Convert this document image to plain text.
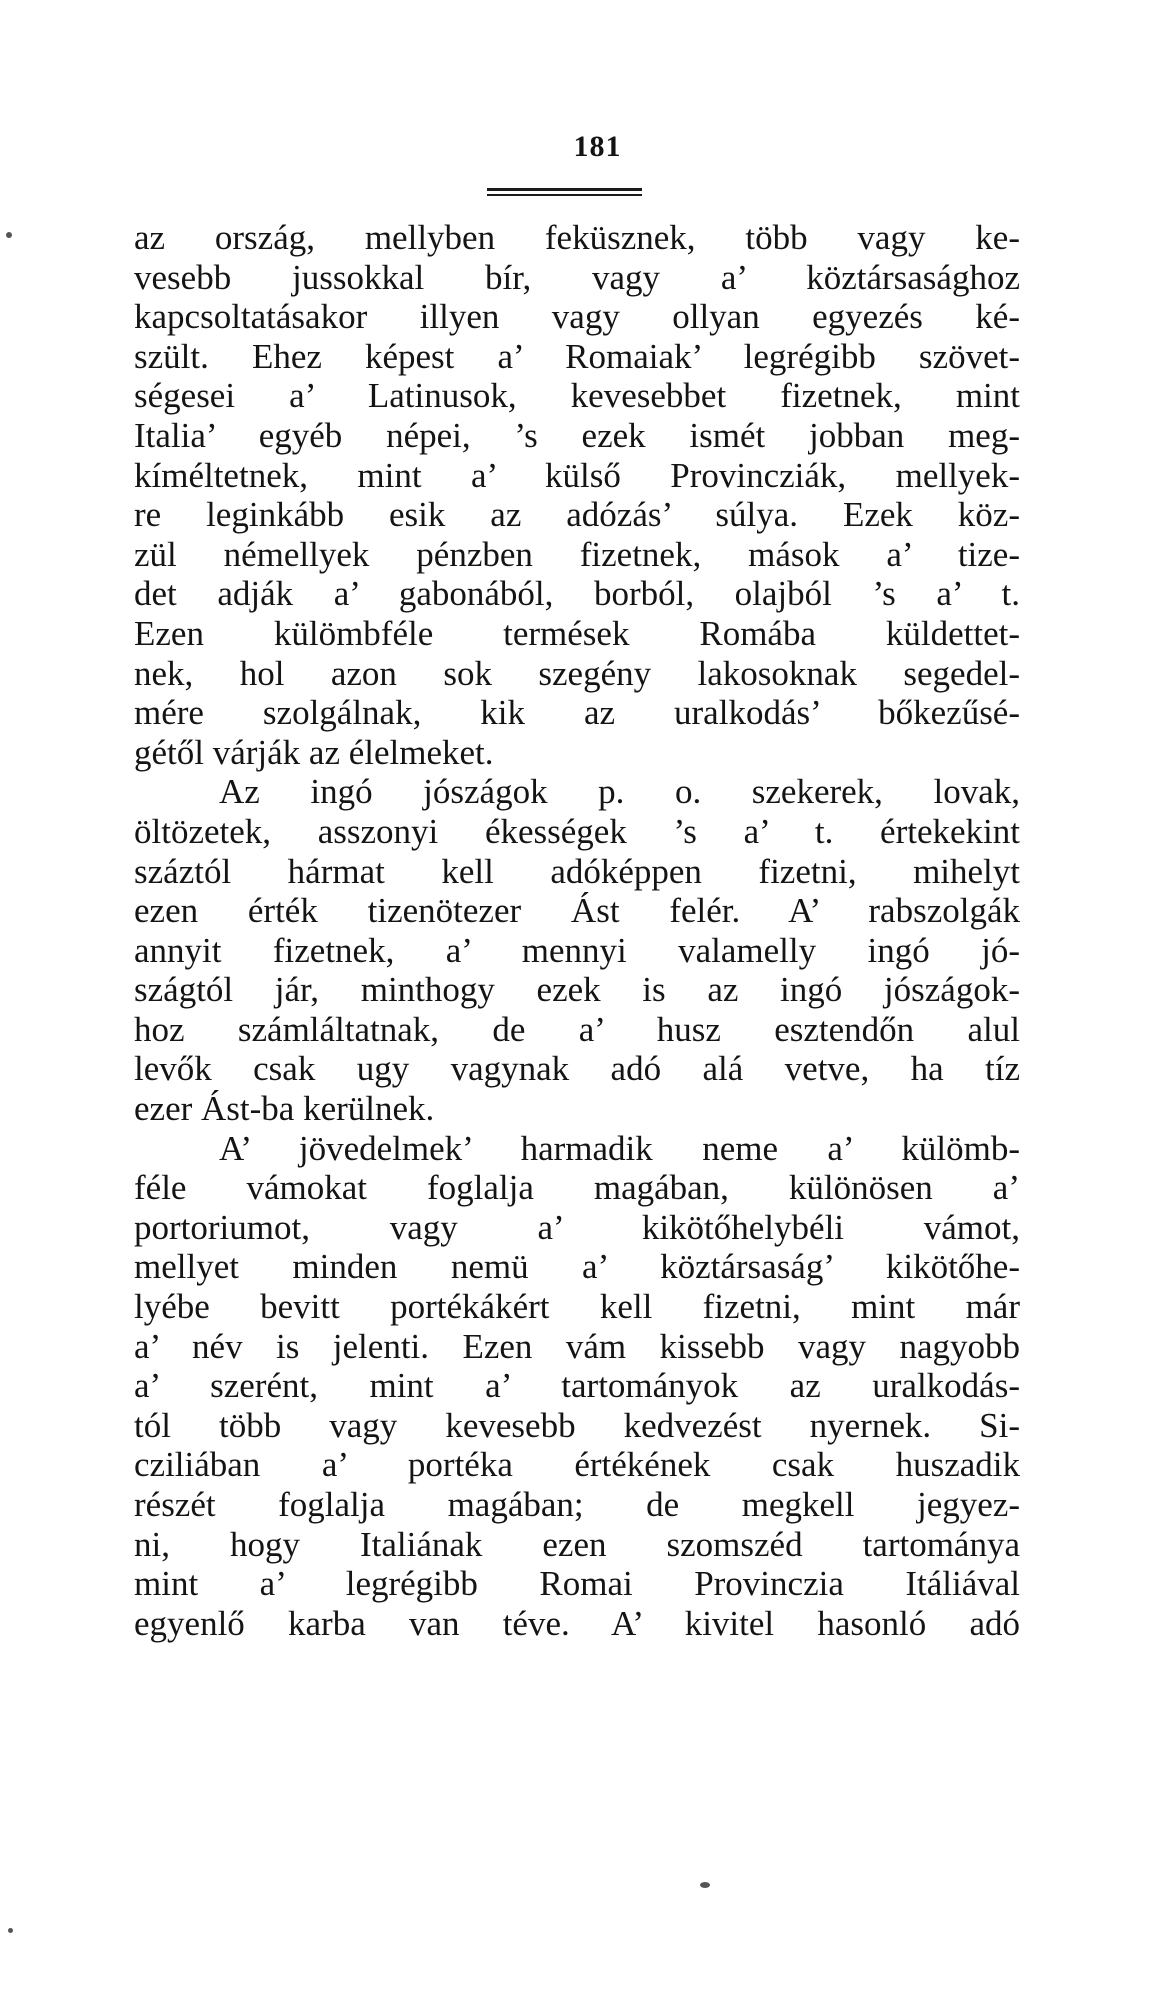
181
az ország, mellyben feküsznek, több vagy ke-
vesebb jussokkal bír, vagy a’ köztársasághoz
kapcsoltatásakor illyen vagy ollyan egyezés ké-
szült. Ehez képest a’ Romaiak’ legrégibb szövet-
ségesei a’ Latinusok, kevesebbet fizetnek, mint
Italia’ egyéb népei, ’s ezek ismét jobban meg-
kíméltetnek, mint a’ külső Provincziák, mellyek-
re leginkább esik az adózás’ súlya. Ezek köz-
zül némellyek pénzben fizetnek, mások a’ tize-
det adják a’ gabonából, borból, olajból ’s a’ t.
Ezen külömbféle termések Romába küldettet-
nek, hol azon sok szegény lakosoknak segedel-
mére szolgálnak, kik az uralkodás’ bőkezűsé-
gétől várják az élelmeket.
Az ingó jószágok p. o. szekerek, lovak,
öltözetek, asszonyi ékességek ’s a’ t. értekekint
száztól hármat kell adóképpen fizetni, mihelyt
ezen érték tizenötezer Ást felér. A’ rabszolgák
annyit fizetnek, a’ mennyi valamelly ingó jó-
szágtól jár, minthogy ezek is az ingó jószágok-
hoz számláltatnak, de a’ husz esztendőn alul
levők csak ugy vagynak adó alá vetve, ha tíz
ezer Ást-ba kerülnek.
A’ jövedelmek’ harmadik neme a’ külömb-
féle vámokat foglalja magában, különösen a’
portoriumot, vagy a’ kikötőhelybéli vámot,
mellyet minden nemü a’ köztársaság’ kikötőhe-
lyébe bevitt portékákért kell fizetni, mint már
a’ név is jelenti. Ezen vám kissebb vagy nagyobb
a’ szerént, mint a’ tartományok az uralkodás-
tól több vagy kevesebb kedvezést nyernek. Si-
cziliában a’ portéka értékének csak huszadik
részét foglalja magában; de megkell jegyez-
ni, hogy Italiának ezen szomszéd tartománya
mint a’ legrégibb Romai Provinczia Itáliával
egyenlő karba van téve. A’ kivitel hasonló adó
